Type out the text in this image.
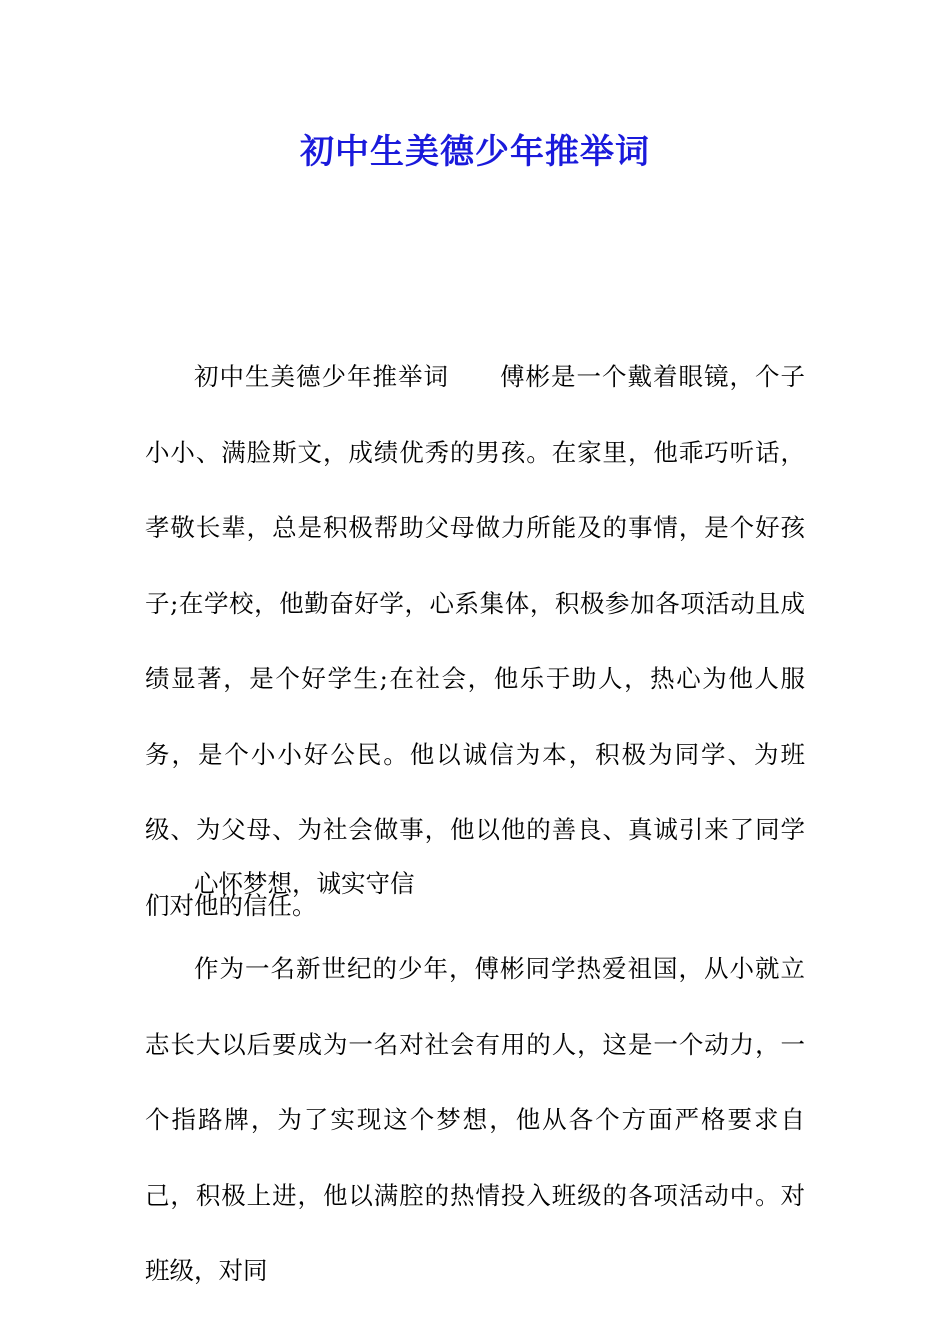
初中生美德少年推举词

初中生美德少年推举词　　傅彬是一个戴着眼镜，个子小小、满脸斯文，成绩优秀的男孩。在家里，他乖巧听话，孝敬长辈，总是积极帮助父母做力所能及的事情，是个好孩子;在学校，他勤奋好学，心系集体，积极参加各项活动且成绩显著，是个好学生;在社会，他乐于助人，热心为他人服务，是个小小好公民。他以诚信为本，积极为同学、为班级、为父母、为社会做事，他以他的善良、真诚引来了同学们对他的信任。

心怀梦想，诚实守信

作为一名新世纪的少年，傅彬同学热爱祖国，从小就立志长大以后要成为一名对社会有用的人，这是一个动力，一个指路牌，为了实现这个梦想，他从各个方面严格要求自己，积极上进，他以满腔的热情投入班级的各项活动中。对班级，对同
